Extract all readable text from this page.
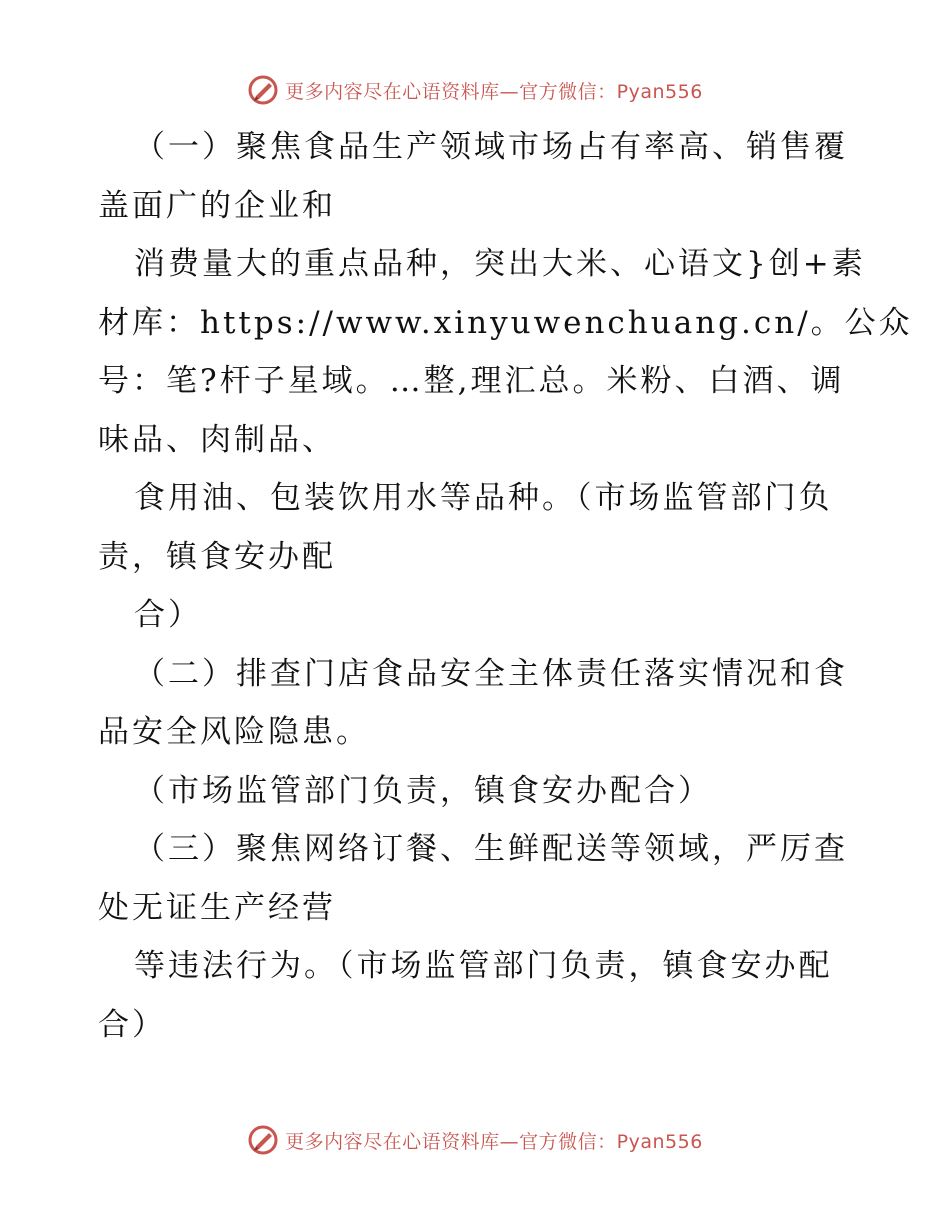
更多内容尽在心语资料库—官方微信：Pyan556
（一）聚焦食品生产领域市场占有率高、销售覆
盖面广的企业和
消费量大的重点品种，突出大米、心语文}创+素
材库：https://www.xinyuwenchuang.cn/。公众
号：笔?杆子星域。…整,理汇总。米粉、白酒、调
味品、肉制品、
食用油、包装饮用水等品种。（市场监管部门负
责，镇食安办配
合）
（二）排查门店食品安全主体责任落实情况和食
品安全风险隐患。
（市场监管部门负责，镇食安办配合）
（三）聚焦网络订餐、生鲜配送等领域，严厉查
处无证生产经营
等违法行为。（市场监管部门负责，镇食安办配
合）
更多内容尽在心语资料库—官方微信：Pyan556
